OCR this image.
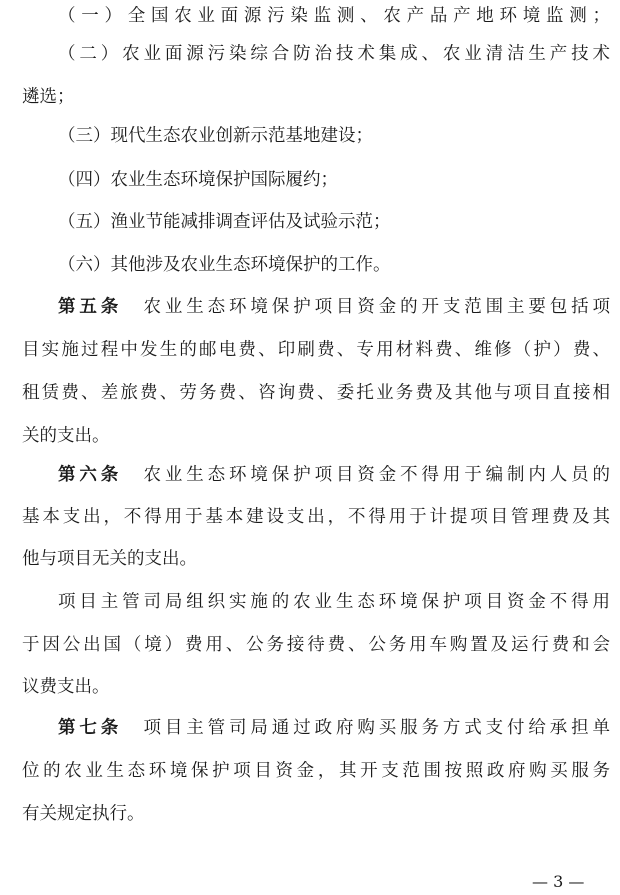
（一）全国农业面源污染监测、农产品产地环境监测；
（二）农业面源污染综合防治技术集成、农业清洁生产技术
遴选；
（三）现代生态农业创新示范基地建设；
（四）农业生态环境保护国际履约；
（五）渔业节能减排调查评估及试验示范；
（六）其他涉及农业生态环境保护的工作。
第五条　 农业生态环境保护项目资金的开支范围主要包括项
目实施过程中发生的邮电费、印刷费、专用材料费、维修（护）费、
租赁费、差旅费、劳务费、咨询费、委托业务费及其他与项目直接相
关的支出。
第六条　 农业生态环境保护项目资金不得用于编制内人员的
基本支出，不得用于基本建设支出，不得用于计提项目管理费及其
他与项目无关的支出。
项目主管司局组织实施的农业生态环境保护项目资金不得用
于因公出国（境）费用、公务接待费、公务用车购置及运行费和会
议费支出。
第七条　 项目主管司局通过政府购买服务方式支付给承担单
位的农业生态环境保护项目资金，其开支范围按照政府购买服务
有关规定执行。
— 3 —
